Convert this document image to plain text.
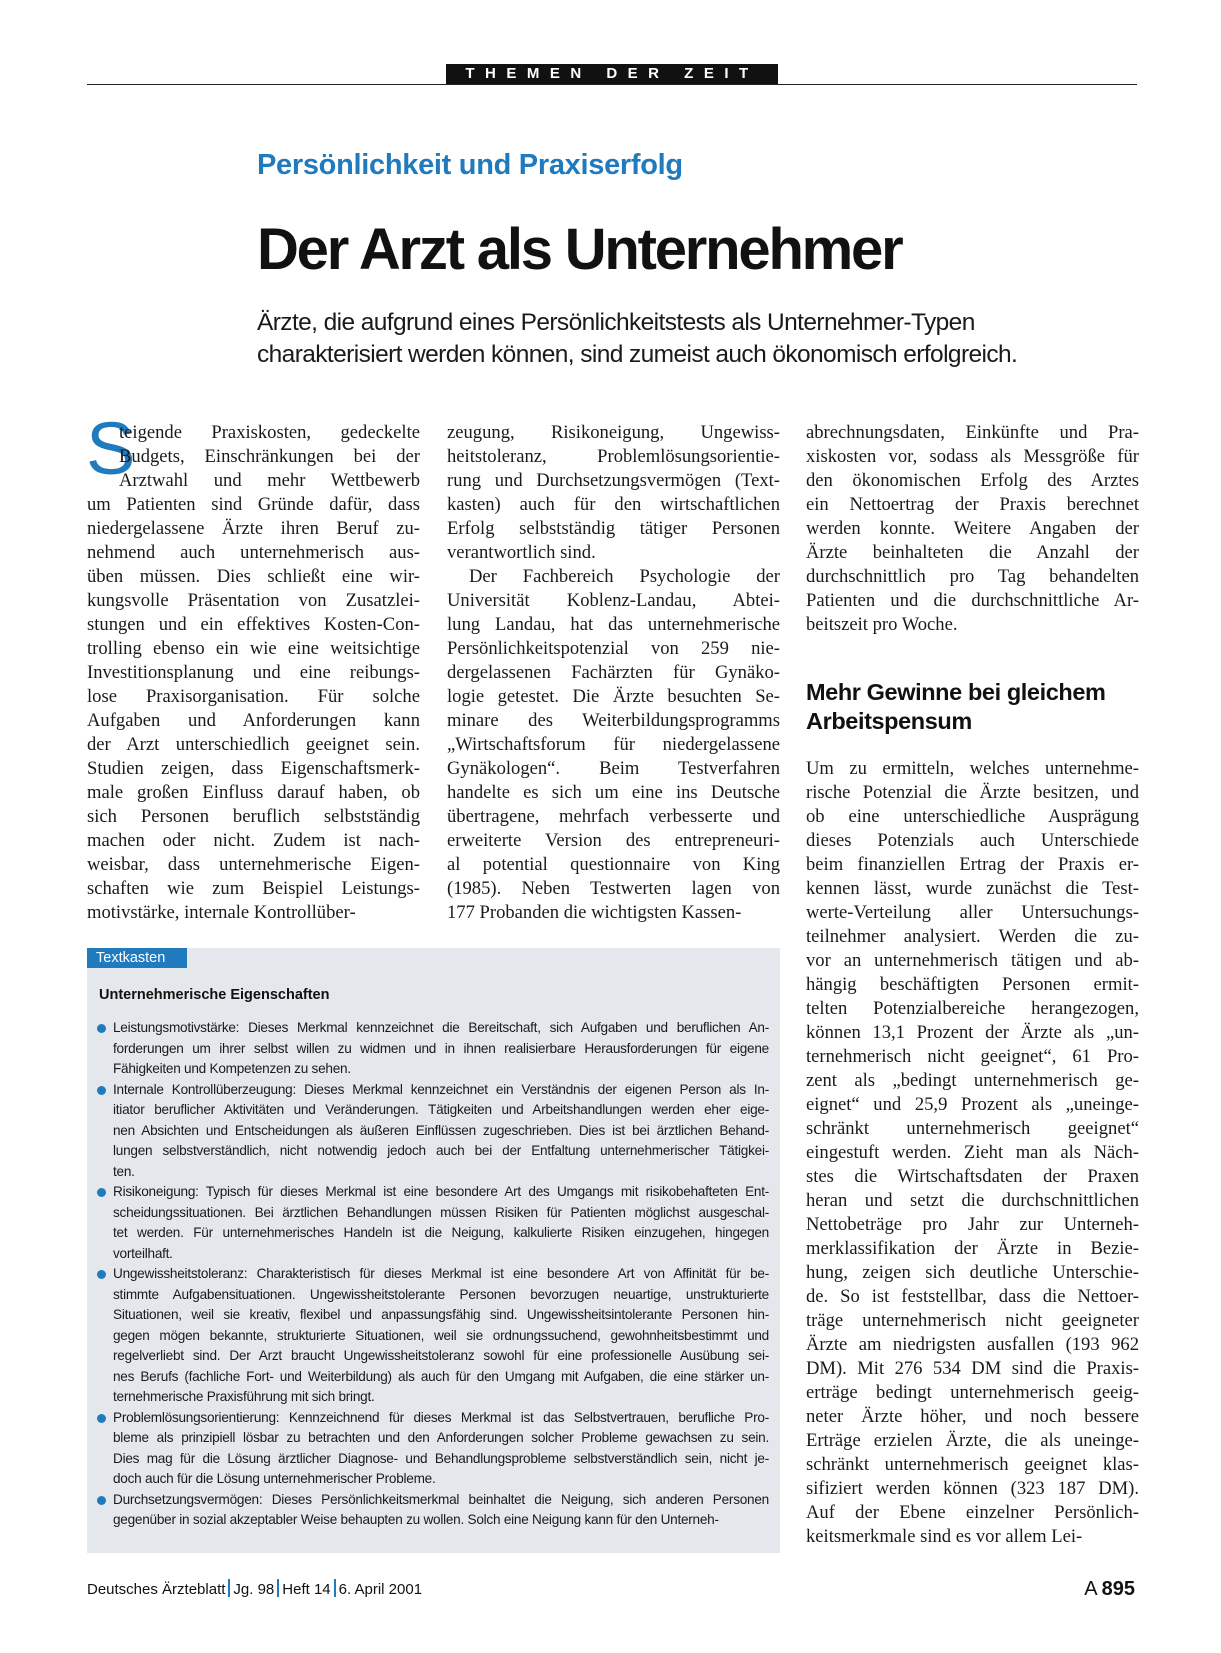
THEMEN DER ZEIT
Persönlichkeit und Praxiserfolg
Der Arzt als Unternehmer
Ärzte, die aufgrund eines Persönlichkeitstests als Unternehmer-Typen
charakterisiert werden können, sind zumeist auch ökonomisch erfolgreich.
S
teigende Praxiskosten, gedeckelte
Budgets, Einschränkungen bei der
Arztwahl und mehr Wettbewerb
um Patienten sind Gründe dafür, dass
niedergelassene Ärzte ihren Beruf zu-
nehmend auch unternehmerisch aus-
üben müssen. Dies schließt eine wir-
kungsvolle Präsentation von Zusatzlei-
stungen und ein effektives Kosten-Con-
trolling ebenso ein wie eine weitsichtige
Investitionsplanung und eine reibungs-
lose Praxisorganisation. Für solche
Aufgaben und Anforderungen kann
der Arzt unterschiedlich geeignet sein.
Studien zeigen, dass Eigenschaftsmerk-
male großen Einfluss darauf haben, ob
sich Personen beruflich selbstständig
machen oder nicht. Zudem ist nach-
weisbar, dass unternehmerische Eigen-
schaften wie zum Beispiel Leistungs-
motivstärke, internale Kontrollüber-
zeugung, Risikoneigung, Ungewiss-
heitstoleranz, Problemlösungsorientie-
rung und Durchsetzungsvermögen (Text-
kasten) auch für den wirtschaftlichen
Erfolg selbstständig tätiger Personen
verantwortlich sind.
Der Fachbereich Psychologie der
Universität Koblenz-Landau, Abtei-
lung Landau, hat das unternehmerische
Persönlichkeitspotenzial von 259 nie-
dergelassenen Fachärzten für Gynäko-
logie getestet. Die Ärzte besuchten Se-
minare des Weiterbildungsprogramms
„Wirtschaftsforum für niedergelassene
Gynäkologen“. Beim Testverfahren
handelte es sich um eine ins Deutsche
übertragene, mehrfach verbesserte und
erweiterte Version des entrepreneuri-
al potential questionnaire von King
(1985). Neben Testwerten lagen von
177 Probanden die wichtigsten Kassen-
abrechnungsdaten, Einkünfte und Pra-
xiskosten vor, sodass als Messgröße für
den ökonomischen Erfolg des Arztes
ein Nettoertrag der Praxis berechnet
werden konnte. Weitere Angaben der
Ärzte beinhalteten die Anzahl der
durchschnittlich pro Tag behandelten
Patienten und die durchschnittliche Ar-
beitszeit pro Woche.
Mehr Gewinne bei gleichem
Arbeitspensum
Um zu ermitteln, welches unternehme-
rische Potenzial die Ärzte besitzen, und
ob eine unterschiedliche Ausprägung
dieses Potenzials auch Unterschiede
beim finanziellen Ertrag der Praxis er-
kennen lässt, wurde zunächst die Test-
werte-Verteilung aller Untersuchungs-
teilnehmer analysiert. Werden die zu-
vor an unternehmerisch tätigen und ab-
hängig beschäftigten Personen ermit-
telten Potenzialbereiche herangezogen,
können 13,1 Prozent der Ärzte als „un-
ternehmerisch nicht geeignet“, 61 Pro-
zent als „bedingt unternehmerisch ge-
eignet“ und 25,9 Prozent als „uneinge-
schränkt unternehmerisch geeignet“
eingestuft werden. Zieht man als Näch-
stes die Wirtschaftsdaten der Praxen
heran und setzt die durchschnittlichen
Nettobeträge pro Jahr zur Unterneh-
merklassifikation der Ärzte in Bezie-
hung, zeigen sich deutliche Unterschie-
de. So ist feststellbar, dass die Nettoer-
träge unternehmerisch nicht geeigneter
Ärzte am niedrigsten ausfallen (193 962
DM). Mit 276 534 DM sind die Praxis-
erträge bedingt unternehmerisch geeig-
neter Ärzte höher, und noch bessere
Erträge erzielen Ärzte, die als uneinge-
schränkt unternehmerisch geeignet klas-
sifiziert werden können (323 187 DM).
Auf der Ebene einzelner Persönlich-
keitsmerkmale sind es vor allem Lei-
Textkasten
Unternehmerische Eigenschaften
Leistungsmotivstärke: Dieses Merkmal kennzeichnet die Bereitschaft, sich Aufgaben und beruflichen An-
forderungen um ihrer selbst willen zu widmen und in ihnen realisierbare Herausforderungen für eigene
Fähigkeiten und Kompetenzen zu sehen.
Internale Kontrollüberzeugung: Dieses Merkmal kennzeichnet ein Verständnis der eigenen Person als In-
itiator beruflicher Aktivitäten und Veränderungen. Tätigkeiten und Arbeitshandlungen werden eher eige-
nen Absichten und Entscheidungen als äußeren Einflüssen zugeschrieben. Dies ist bei ärztlichen Behand-
lungen selbstverständlich, nicht notwendig jedoch auch bei der Entfaltung unternehmerischer Tätigkei-
ten.
Risikoneigung: Typisch für dieses Merkmal ist eine besondere Art des Umgangs mit risikobehafteten Ent-
scheidungssituationen. Bei ärztlichen Behandlungen müssen Risiken für Patienten möglichst ausgeschal-
tet werden. Für unternehmerisches Handeln ist die Neigung, kalkulierte Risiken einzugehen, hingegen
vorteilhaft.
Ungewissheitstoleranz: Charakteristisch für dieses Merkmal ist eine besondere Art von Affinität für be-
stimmte Aufgabensituationen. Ungewissheitstolerante Personen bevorzugen neuartige, unstrukturierte
Situationen, weil sie kreativ, flexibel und anpassungsfähig sind. Ungewissheitsintolerante Personen hin-
gegen mögen bekannte, strukturierte Situationen, weil sie ordnungssuchend, gewohnheitsbestimmt und
regelverliebt sind. Der Arzt braucht Ungewissheitstoleranz sowohl für eine professionelle Ausübung sei-
nes Berufs (fachliche Fort- und Weiterbildung) als auch für den Umgang mit Aufgaben, die eine stärker un-
ternehmerische Praxisführung mit sich bringt.
Problemlösungsorientierung: Kennzeichnend für dieses Merkmal ist das Selbstvertrauen, berufliche Pro-
bleme als prinzipiell lösbar zu betrachten und den Anforderungen solcher Probleme gewachsen zu sein.
Dies mag für die Lösung ärztlicher Diagnose- und Behandlungsprobleme selbstverständlich sein, nicht je-
doch auch für die Lösung unternehmerischer Probleme.
Durchsetzungsvermögen: Dieses Persönlichkeitsmerkmal beinhaltet die Neigung, sich anderen Personen
gegenüber in sozial akzeptabler Weise behaupten zu wollen. Solch eine Neigung kann für den Unterneh-
Deutsches Ärzteblatt Jg. 98 Heft 14 6. April 2001	A  895
